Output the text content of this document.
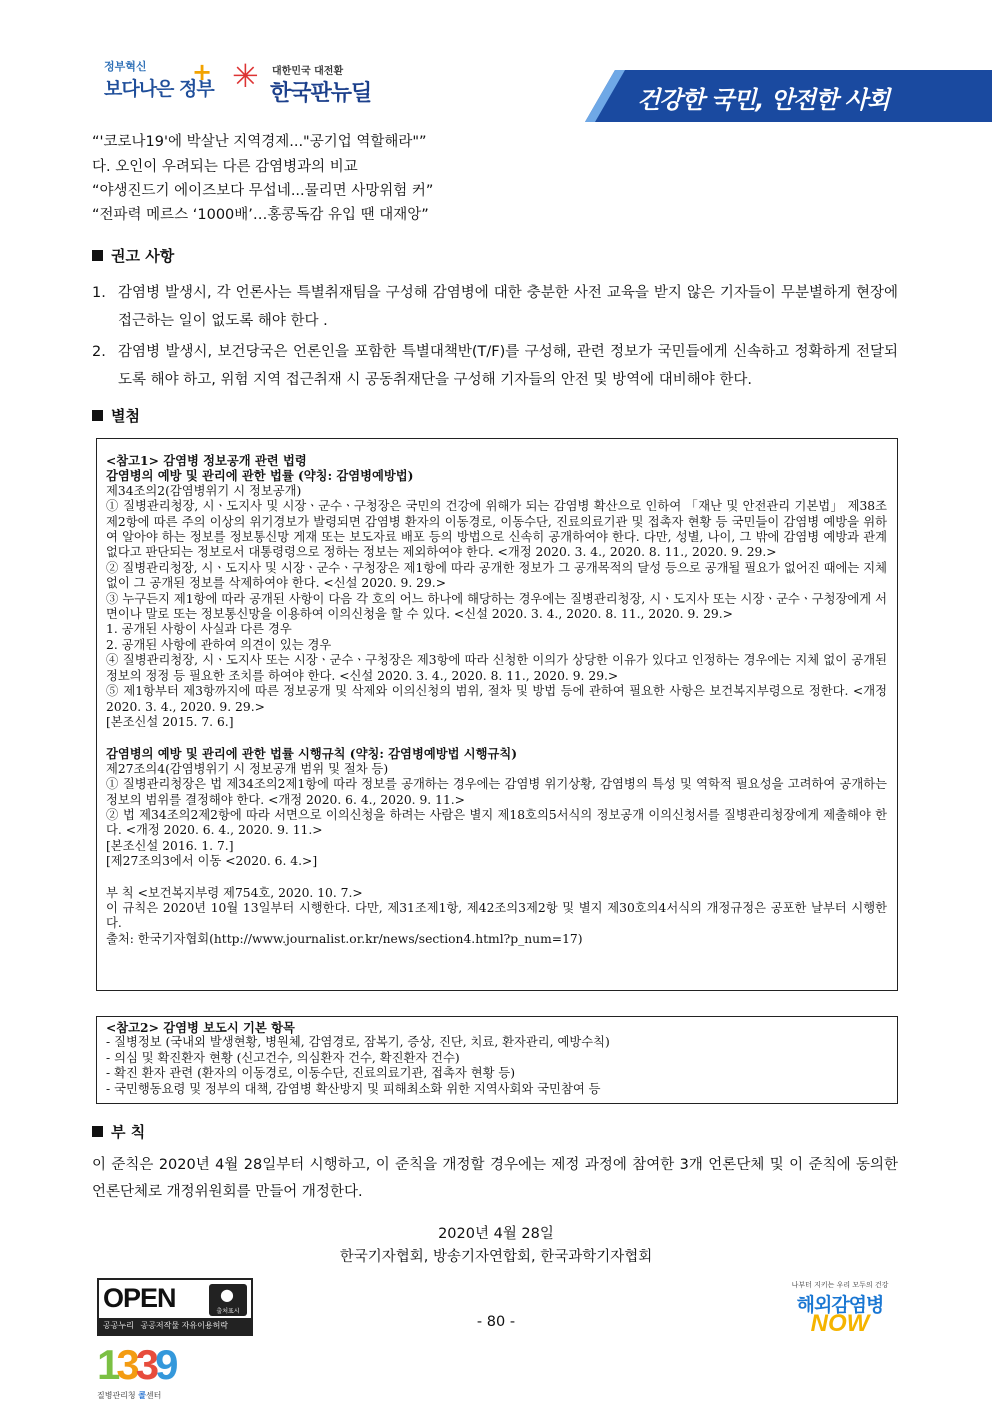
정부혁신
보다나은 정부
+ ✳ 대한민국 대전환
한국판뉴딜	건강한 국민, 안전한 사회
“'코로나19'에 박살난 지역경제..."공기업 역할해라"”
다. 오인이 우려되는 다른 감염병과의 비교
“야생진드기 에이즈보다 무섭네...물리면 사망위험 커”
“전파력 메르스 ‘1000배’…홍콩독감 유입 땐 대재앙”
권고 사항
1. 감염병 발생시, 각 언론사는 특별취재팀을 구성해 감염병에 대한 충분한 사전 교육을 받지 않은 기자들이 무분별하게 현장에 접근하는 일이 없도록 해야 한다 .
2. 감염병 발생시, 보건당국은 언론인을 포함한 특별대책반(T/F)를 구성해, 관련 정보가 국민들에게 신속하고 정확하게 전달되도록 해야 하고, 위험 지역 접근취재 시 공동취재단을 구성해 기자들의 안전 및 방역에 대비해야 한다.
별첨
<참고1> 감염병 정보공개 관련 법령
감염병의 예방 및 관리에 관한 법률 (약칭: 감염병예방법)
제34조의2(감염병위기 시 정보공개)
① 질병관리청장, 시ㆍ도지사 및 시장ㆍ군수ㆍ구청장은 국민의 건강에 위해가 되는 감염병 확산으로 인하여 「재난 및 안전관리 기본법」 제38조제2항에 따른 주의 이상의 위기경보가 발령되면 감염병 환자의 이동경로, 이동수단, 진료의료기관 및 접촉자 현황 등 국민들이 감염병 예방을 위하여 알아야 하는 정보를 정보통신망 게재 또는 보도자료 배포 등의 방법으로 신속히 공개하여야 한다. 다만, 성별, 나이, 그 밖에 감염병 예방과 관계없다고 판단되는 정보로서 대통령령으로 정하는 정보는 제외하여야 한다. <개정 2020. 3. 4., 2020. 8. 11., 2020. 9. 29.>
② 질병관리청장, 시ㆍ도지사 및 시장ㆍ군수ㆍ구청장은 제1항에 따라 공개한 정보가 그 공개목적의 달성 등으로 공개될 필요가 없어진 때에는 지체 없이 그 공개된 정보를 삭제하여야 한다. <신설 2020. 9. 29.>
③ 누구든지 제1항에 따라 공개된 사항이 다음 각 호의 어느 하나에 해당하는 경우에는 질병관리청장, 시ㆍ도지사 또는 시장ㆍ군수ㆍ구청장에게 서면이나 말로 또는 정보통신망을 이용하여 이의신청을 할 수 있다. <신설 2020. 3. 4., 2020. 8. 11., 2020. 9. 29.>
1. 공개된 사항이 사실과 다른 경우
2. 공개된 사항에 관하여 의견이 있는 경우
④ 질병관리청장, 시ㆍ도지사 또는 시장ㆍ군수ㆍ구청장은 제3항에 따라 신청한 이의가 상당한 이유가 있다고 인정하는 경우에는 지체 없이 공개된 정보의 정정 등 필요한 조치를 하여야 한다. <신설 2020. 3. 4., 2020. 8. 11., 2020. 9. 29.>
⑤ 제1항부터 제3항까지에 따른 정보공개 및 삭제와 이의신청의 범위, 절차 및 방법 등에 관하여 필요한 사항은 보건복지부령으로 정한다. <개정 2020. 3. 4., 2020. 9. 29.>
[본조신설 2015. 7. 6.]
감염병의 예방 및 관리에 관한 법률 시행규칙 (약칭: 감염병예방법 시행규칙)
제27조의4(감염병위기 시 정보공개 범위 및 절차 등)
① 질병관리청장은 법 제34조의2제1항에 따라 정보를 공개하는 경우에는 감염병 위기상황, 감염병의 특성 및 역학적 필요성을 고려하여 공개하는 정보의 범위를 결정해야 한다. <개정 2020. 6. 4., 2020. 9. 11.>
② 법 제34조의2제2항에 따라 서면으로 이의신청을 하려는 사람은 별지 제18호의5서식의 정보공개 이의신청서를 질병관리청장에게 제출해야 한다. <개정 2020. 6. 4., 2020. 9. 11.>
[본조신설 2016. 1. 7.]
[제27조의3에서 이동 <2020. 6. 4.>]
부 칙 <보건복지부령 제754호, 2020. 10. 7.>
이 규칙은 2020년 10월 13일부터 시행한다. 다만, 제31조제1항, 제42조의3제2항 및 별지 제30호의4서식의 개정규정은 공포한 날부터 시행한다.
출처: 한국기자협회(http://www.journalist.or.kr/news/section4.html?p_num=17)
<참고2> 감염병 보도시 기본 항목
- 질병정보 (국내외 발생현황, 병원체, 감염경로, 잠복기, 증상, 진단, 치료, 환자관리, 예방수칙)
- 의심 및 확진환자 현황 (신고건수, 의심환자 건수, 확진환자 건수)
- 확진 환자 관련 (환자의 이동경로, 이동수단, 진료의료기관, 접촉자 현황 등)
- 국민행동요령 및 정부의 대책, 감염병 확산방지 및 피해최소화 위한 지역사회와 국민참여 등
부 칙
이 준칙은 2020년 4월 28일부터 시행하고, 이 준칙을 개정할 경우에는 제정 과정에 참여한 3개 언론단체 및 이 준칙에 동의한 언론단체로 개정위원회를 만들어 개정한다.
2020년 4월 28일
한국기자협회, 방송기자연합회, 한국과학기자협회
OPEN	●
출처표시
공공누리 공공저작물 자유이용허락	- 80 -
1339
질병관리청 콜센터
나부터 지키는 우리 모두의 건강
해외감염병
NOW
